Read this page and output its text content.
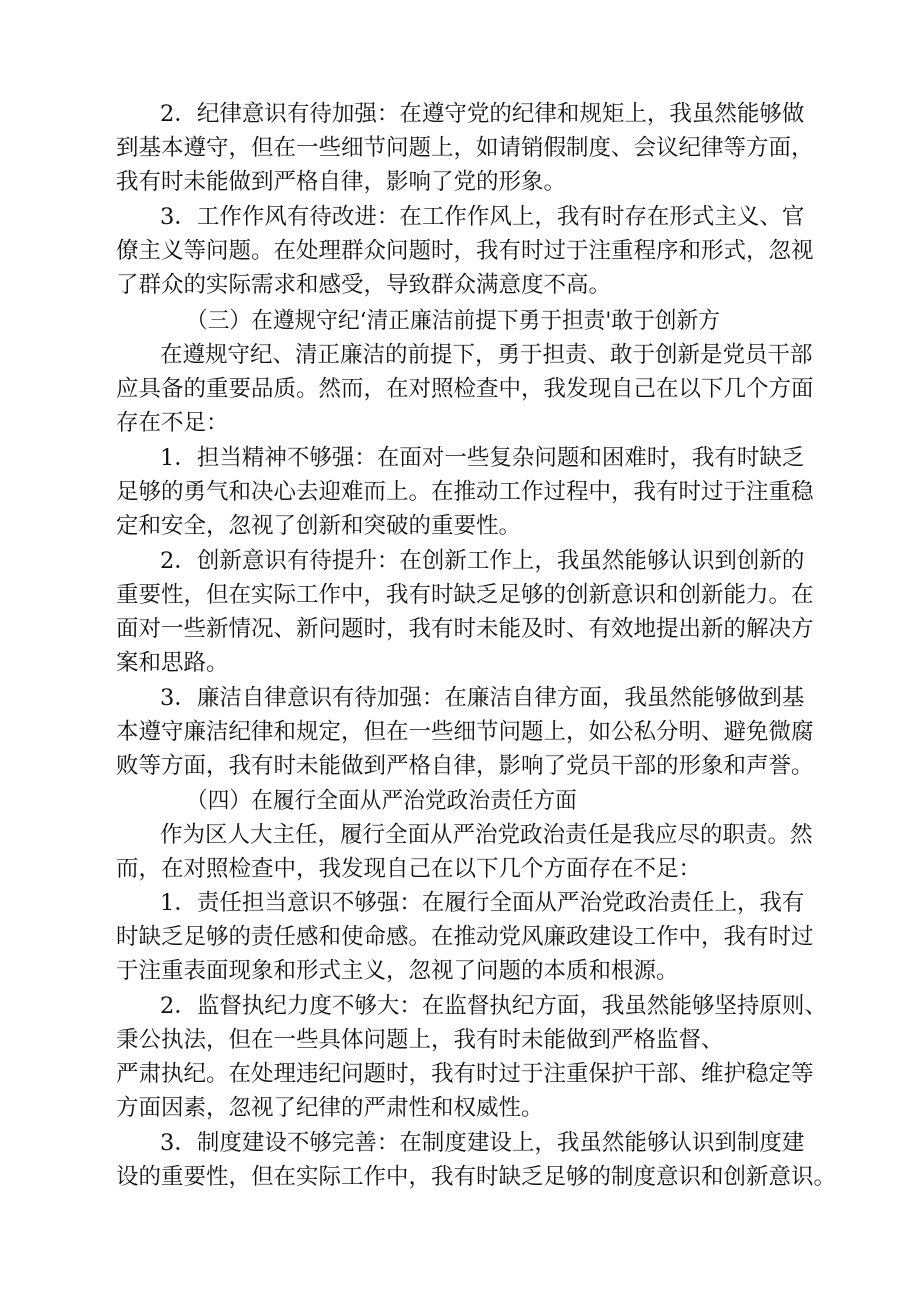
2．纪律意识有待加强：在遵守党的纪律和规矩上，我虽然能够做
到基本遵守，但在一些细节问题上，如请销假制度、会议纪律等方面，
我有时未能做到严格自律，影响了党的形象。
3．工作作风有待改进：在工作作风上，我有时存在形式主义、官
僚主义等问题。在处理群众问题时，我有时过于注重程序和形式，忽视
了群众的实际需求和感受，导致群众满意度不高。
（三）在遵规守纪‘清正廉洁前提下勇于担责'敢于创新方
在遵规守纪、清正廉洁的前提下，勇于担责、敢于创新是党员干部
应具备的重要品质。然而，在对照检查中，我发现自己在以下几个方面
存在不足：
1．担当精神不够强：在面对一些复杂问题和困难时，我有时缺乏
足够的勇气和决心去迎难而上。在推动工作过程中，我有时过于注重稳
定和安全，忽视了创新和突破的重要性。
2．创新意识有待提升：在创新工作上，我虽然能够认识到创新的
重要性，但在实际工作中，我有时缺乏足够的创新意识和创新能力。在
面对一些新情况、新问题时，我有时未能及时、有效地提出新的解决方
案和思路。
3．廉洁自律意识有待加强：在廉洁自律方面，我虽然能够做到基
本遵守廉洁纪律和规定，但在一些细节问题上，如公私分明、避免微腐
败等方面，我有时未能做到严格自律，影响了党员干部的形象和声誉。
（四）在履行全面从严治党政治责任方面
作为区人大主任，履行全面从严治党政治责任是我应尽的职责。然
而，在对照检查中，我发现自己在以下几个方面存在不足：
1．责任担当意识不够强：在履行全面从严治党政治责任上，我有
时缺乏足够的责任感和使命感。在推动党风廉政建设工作中，我有时过
于注重表面现象和形式主义，忽视了问题的本质和根源。
2．监督执纪力度不够大：在监督执纪方面，我虽然能够坚持原则、
秉公执法，但在一些具体问题上，我有时未能做到严格监督、
严肃执纪。在处理违纪问题时，我有时过于注重保护干部、维护稳定等
方面因素，忽视了纪律的严肃性和权威性。
3．制度建设不够完善：在制度建设上，我虽然能够认识到制度建
设的重要性，但在实际工作中，我有时缺乏足够的制度意识和创新意识。
